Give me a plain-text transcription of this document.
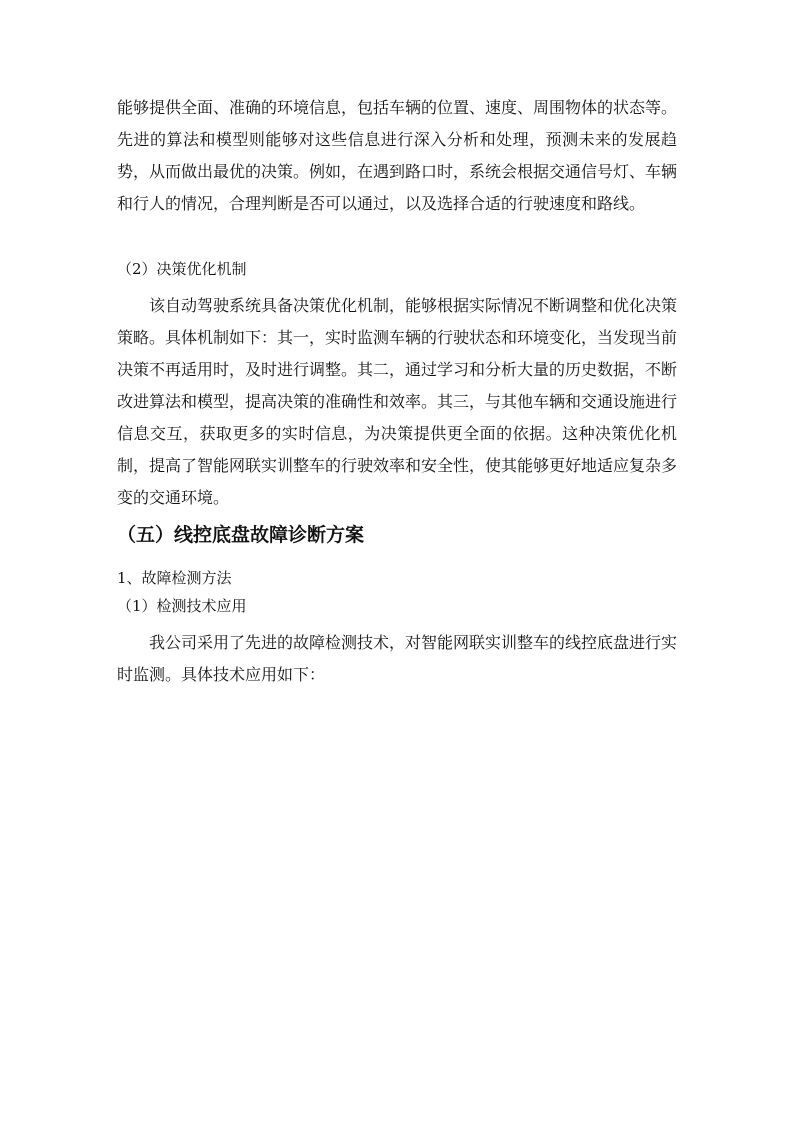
能够提供全面、准确的环境信息，包括车辆的位置、速度、周围物体的状态等。先进的算法和模型则能够对这些信息进行深入分析和处理，预测未来的发展趋势，从而做出最优的决策。例如，在遇到路口时，系统会根据交通信号灯、车辆和行人的情况，合理判断是否可以通过，以及选择合适的行驶速度和路线。

（2）决策优化机制

该自动驾驶系统具备决策优化机制，能够根据实际情况不断调整和优化决策策略。具体机制如下：其一，实时监测车辆的行驶状态和环境变化，当发现当前决策不再适用时，及时进行调整。其二，通过学习和分析大量的历史数据，不断改进算法和模型，提高决策的准确性和效率。其三，与其他车辆和交通设施进行信息交互，获取更多的实时信息，为决策提供更全面的依据。这种决策优化机制，提高了智能网联实训整车的行驶效率和安全性，使其能够更好地适应复杂多变的交通环境。

（五）线控底盘故障诊断方案

1、故障检测方法

（1）检测技术应用

我公司采用了先进的故障检测技术，对智能网联实训整车的线控底盘进行实时监测。具体技术应用如下：
